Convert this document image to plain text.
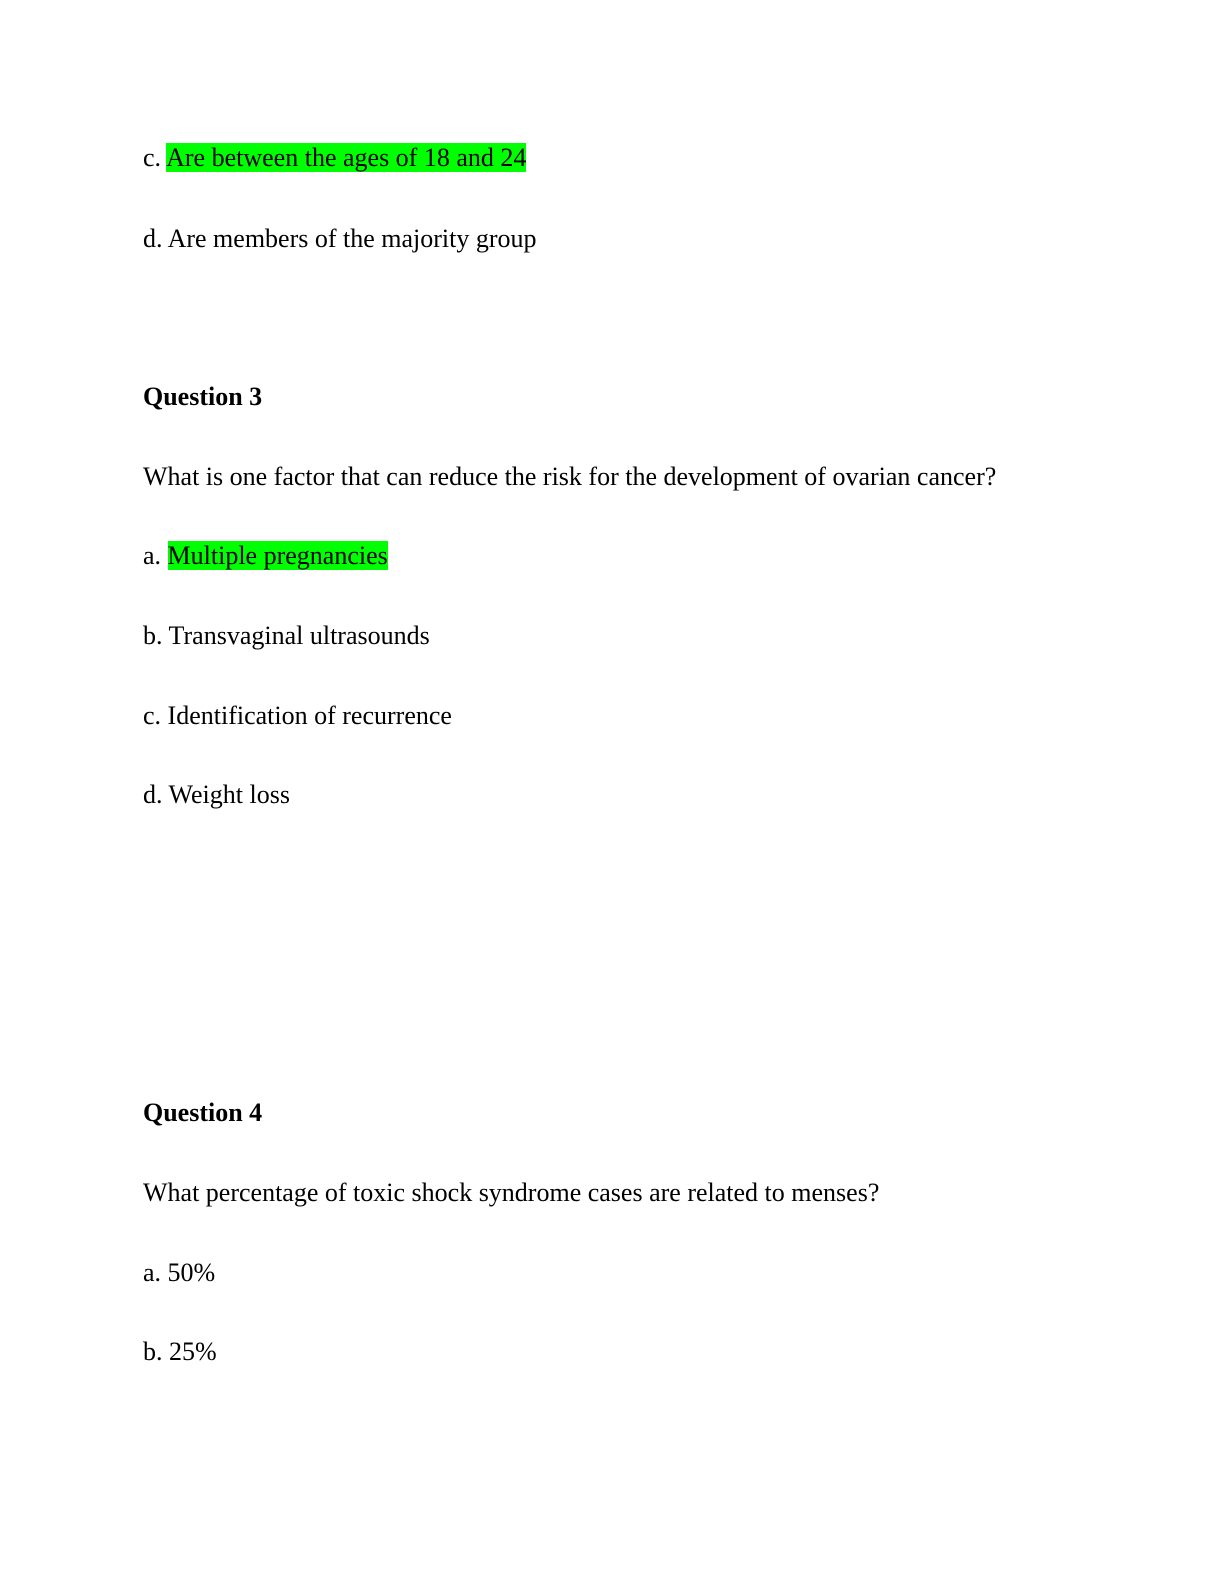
c. Are between the ages of 18 and 24
d. Are members of the majority group
Question 3
What is one factor that can reduce the risk for the development of ovarian cancer?
a. Multiple pregnancies
b. Transvaginal ultrasounds
c. Identification of recurrence
d. Weight loss
Question 4
What percentage of toxic shock syndrome cases are related to menses?
a. 50%
b. 25%
